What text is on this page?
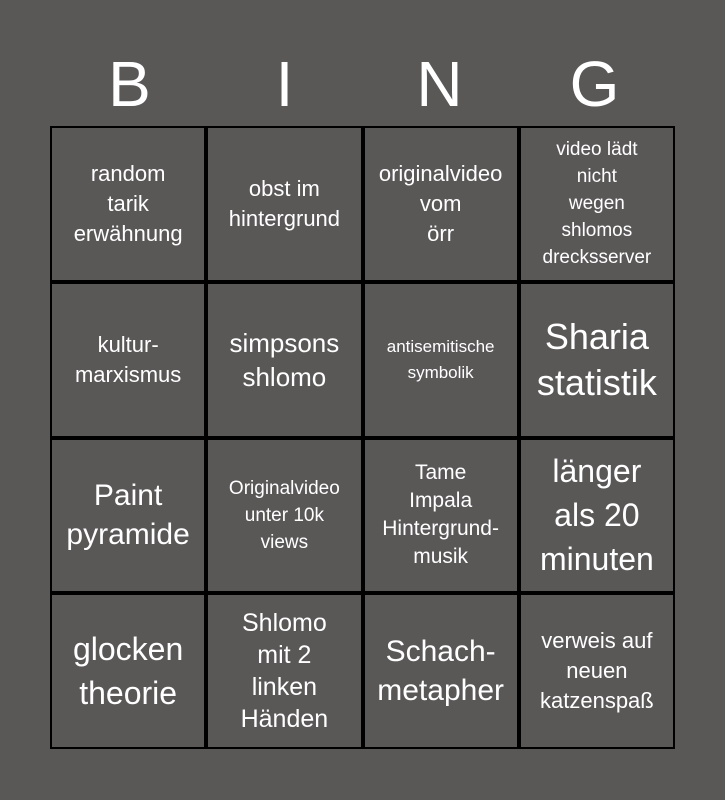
B	I	N	G
random
tarik
erwähnung
obst im
hintergrund
originalvideo
vom
örr
video lädt
nicht
wegen
shlomos
drecksserver
kultur-
marxismus
simpsons
shlomo
antisemitische
symbolik
Sharia
statistik
Paint
pyramide
Originalvideo
unter 10k
views
Tame
Impala
Hintergrund-
musik
länger
als 20
minuten
glocken
theorie
Shlomo
mit 2
linken
Händen
Schach-
metapher
verweis auf
neuen
katzenspaß
